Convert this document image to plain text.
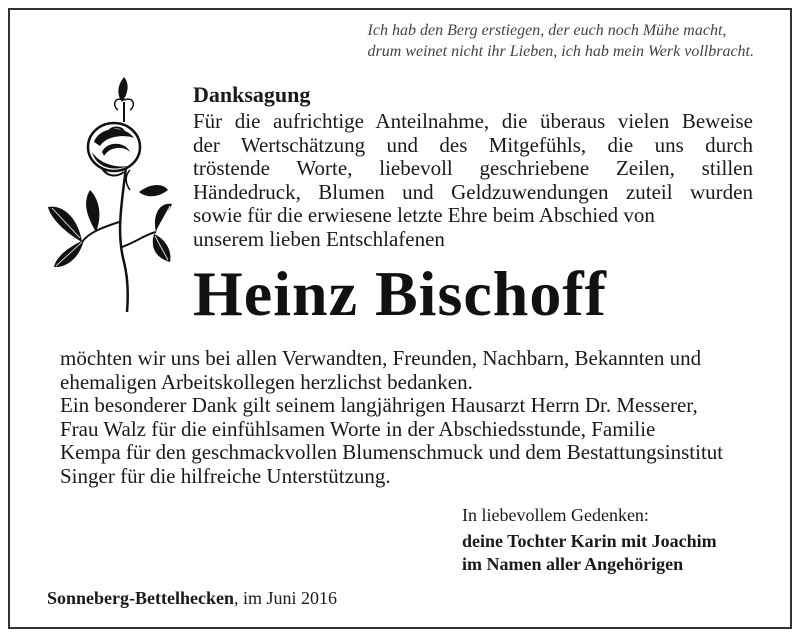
Ich hab den Berg erstiegen, der euch noch Mühe macht,
drum weinet nicht ihr Lieben, ich hab mein Werk vollbracht.
Danksagung
Für die aufrichtige Anteilnahme, die überaus vielen Beweise
der Wertschätzung und des Mitgefühls, die uns durch
tröstende Worte, liebevoll geschriebene Zeilen, stillen
Händedruck, Blumen und Geldzuwendungen zuteil wurden
sowie für die erwiesene letzte Ehre beim Abschied von
unserem lieben Entschlafenen
Heinz Bischoff
möchten wir uns bei allen Verwandten, Freunden, Nachbarn, Bekannten und
ehemaligen Arbeitskollegen herzlichst bedanken.
Ein besonderer Dank gilt seinem langjährigen Hausarzt Herrn Dr. Messerer,
Frau Walz für die einfühlsamen Worte in der Abschiedsstunde, Familie
Kempa für den geschmackvollen Blumenschmuck und dem Bestattungsinstitut
Singer für die hilfreiche Unterstützung.
In liebevollem Gedenken:
deine Tochter Karin mit Joachim
im Namen aller Angehörigen
Sonneberg-Bettelhecken, im Juni 2016
